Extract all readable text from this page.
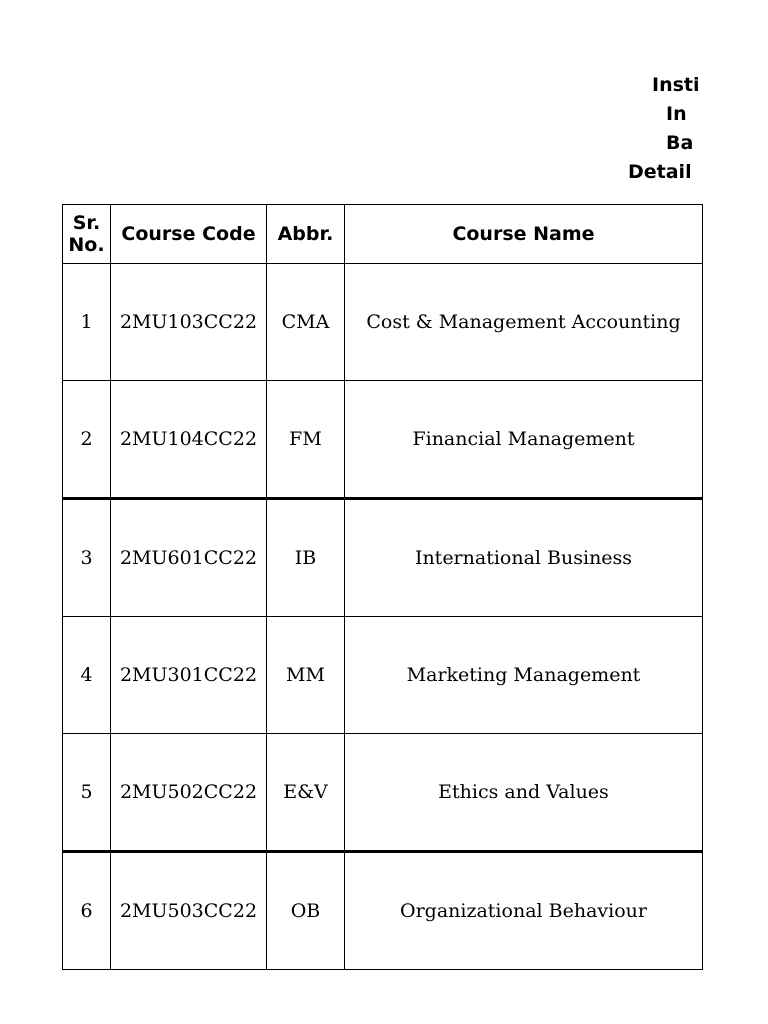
Insti
In
Ba
Detail
Sr.
No.	Course Code	Abbr.	Course Name
1	2MU103CC22	CMA	Cost & Management Accounting
2	2MU104CC22	FM	Financial Management
3	2MU601CC22	IB	International Business
4	2MU301CC22	MM	Marketing Management
5	2MU502CC22	E&V	Ethics and Values
6	2MU503CC22	OB	Organizational Behaviour
